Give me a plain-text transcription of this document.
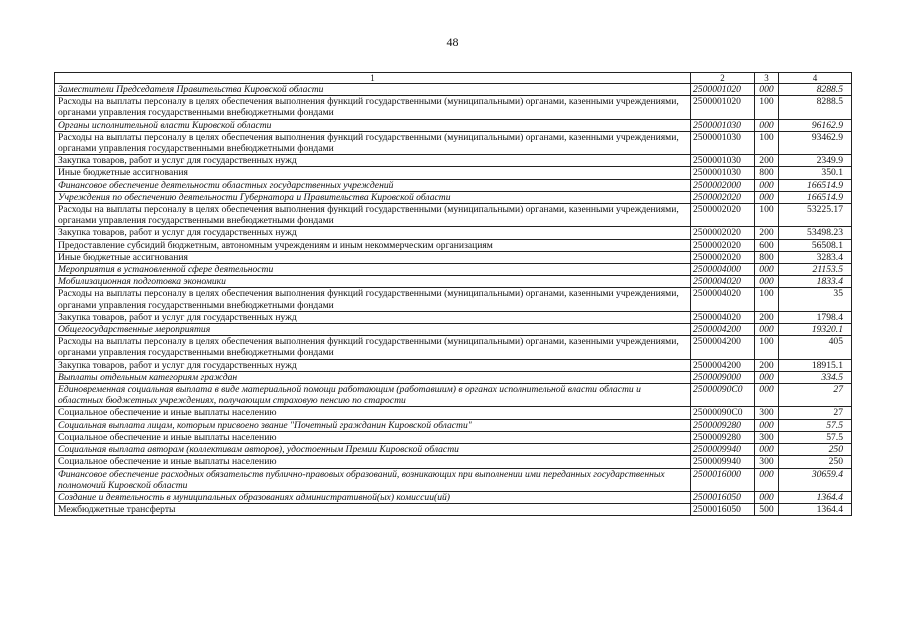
48
1	2	3	4
Заместители Председателя Правительства Кировской области	2500001020	000	8288.5
Расходы на выплаты персоналу в целях обеспечения выполнения функций государственными (муниципальными) органами, казенными учреждениями, органами управления государственными внебюджетными фондами	2500001020	100	8288.5
Органы исполнительной власти Кировской области	2500001030	000	96162.9
Расходы на выплаты персоналу в целях обеспечения выполнения функций государственными (муниципальными) органами, казенными учреждениями, органами управления государственными внебюджетными фондами	2500001030	100	93462.9
Закупка товаров, работ и услуг для государственных нужд	2500001030	200	2349.9
Иные бюджетные ассигнования	2500001030	800	350.1
Финансовое обеспечение деятельности областных государственных учреждений	2500002000	000	166514.9
Учреждения по обеспечению деятельности Губернатора и Правительства Кировской области	2500002020	000	166514.9
Расходы на выплаты персоналу в целях обеспечения выполнения функций государственными (муниципальными) органами, казенными учреждениями, органами управления государственными внебюджетными фондами	2500002020	100	53225.17
Закупка товаров, работ и услуг для государственных нужд	2500002020	200	53498.23
Предоставление субсидий бюджетным, автономным учреждениям и иным некоммерческим организациям	2500002020	600	56508.1
Иные бюджетные ассигнования	2500002020	800	3283.4
Мероприятия в установленной сфере деятельности	2500004000	000	21153.5
Мобилизационная подготовка экономики	2500004020	000	1833.4
Расходы на выплаты персоналу в целях обеспечения выполнения функций государственными (муниципальными) органами, казенными учреждениями, органами управления государственными внебюджетными фондами	2500004020	100	35
Закупка товаров, работ и услуг для государственных нужд	2500004020	200	1798.4
Общегосударственные мероприятия	2500004200	000	19320.1
Расходы на выплаты персоналу в целях обеспечения выполнения функций государственными (муниципальными) органами, казенными учреждениями, органами управления государственными внебюджетными фондами	2500004200	100	405
Закупка товаров, работ и услуг для государственных нужд	2500004200	200	18915.1
Выплаты отдельным категориям граждан	2500009000	000	334.5
Единовременная социальная выплата в виде материальной помощи работающим (работавшим) в органах исполнительной власти области и областных бюджетных учреждениях, получающим страховую пенсию по старости	25000090С0	000	27
Социальное обеспечение и иные выплаты населению	25000090С0	300	27
Социальная выплата лицам, которым присвоено звание "Почетный гражданин Кировской области"	2500009280	000	57.5
Социальное обеспечение и иные выплаты населению	2500009280	300	57.5
Социальная выплата авторам (коллективам авторов), удостоенным Премии Кировской области	2500009940	000	250
Социальное обеспечение и иные выплаты населению	2500009940	300	250
Финансовое обеспечение расходных обязательств публично-правовых образований, возникающих при выполнении ими переданных государственных полномочий Кировской области	2500016000	000	30659.4
Создание и деятельность в муниципальных образованиях административной(ых) комиссии(ий)	2500016050	000	1364.4
Межбюджетные трансферты	2500016050	500	1364.4
